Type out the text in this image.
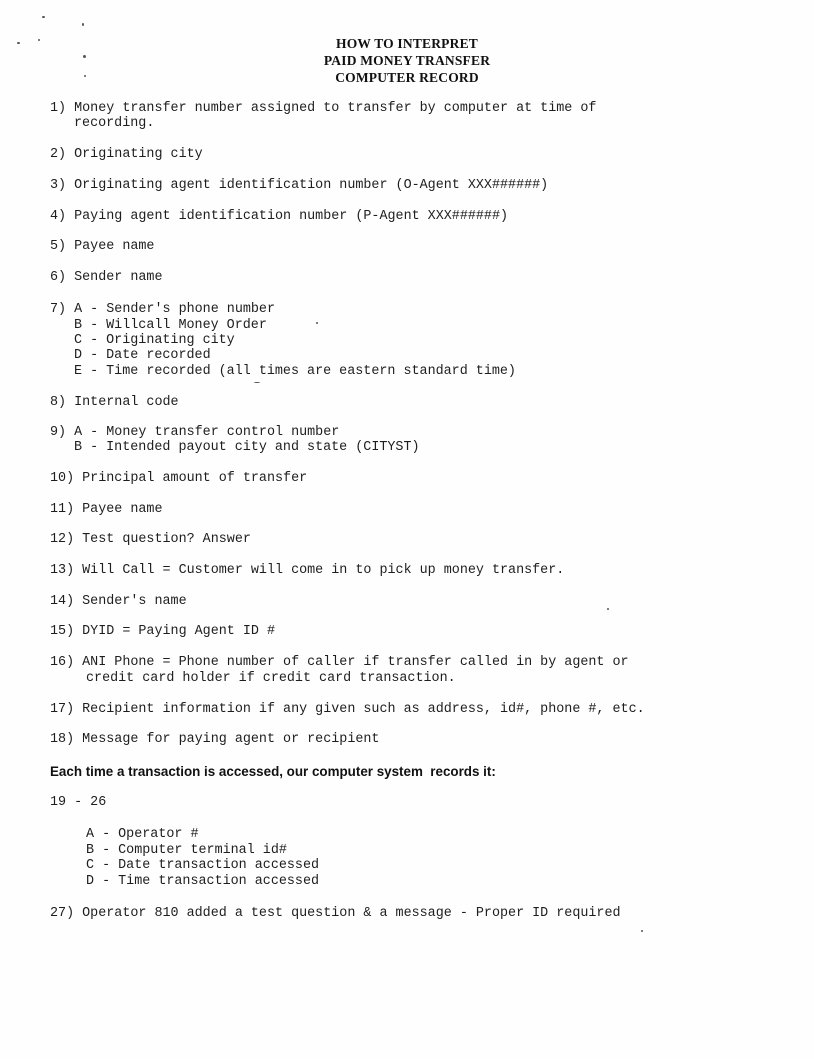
HOW TO INTERPRET
PAID MONEY TRANSFER
COMPUTER RECORD
1) Money transfer number assigned to transfer by computer at time of
recording.
2) Originating city
3) Originating agent identification number (O-Agent XXX######)
4) Paying agent identification number (P-Agent XXX######)
5) Payee name
6) Sender name
7) A - Sender's phone number
B - Willcall Money Order
C - Originating city
D - Date recorded
E - Time recorded (all times are eastern standard time)
8) Internal code
9) A - Money transfer control number
B - Intended payout city and state (CITYST)
10) Principal amount of transfer
11) Payee name
12) Test question? Answer
13) Will Call = Customer will come in to pick up money transfer.
14) Sender's name
15) DYID = Paying Agent ID #
16) ANI Phone = Phone number of caller if transfer called in by agent or
credit card holder if credit card transaction.
17) Recipient information if any given such as address, id#, phone #, etc.
18) Message for paying agent or recipient
Each time a transaction is accessed, our computer system  records it:
19 - 26
A - Operator #
B - Computer terminal id#
C - Date transaction accessed
D - Time transaction accessed
27) Operator 810 added a test question & a message - Proper ID required
